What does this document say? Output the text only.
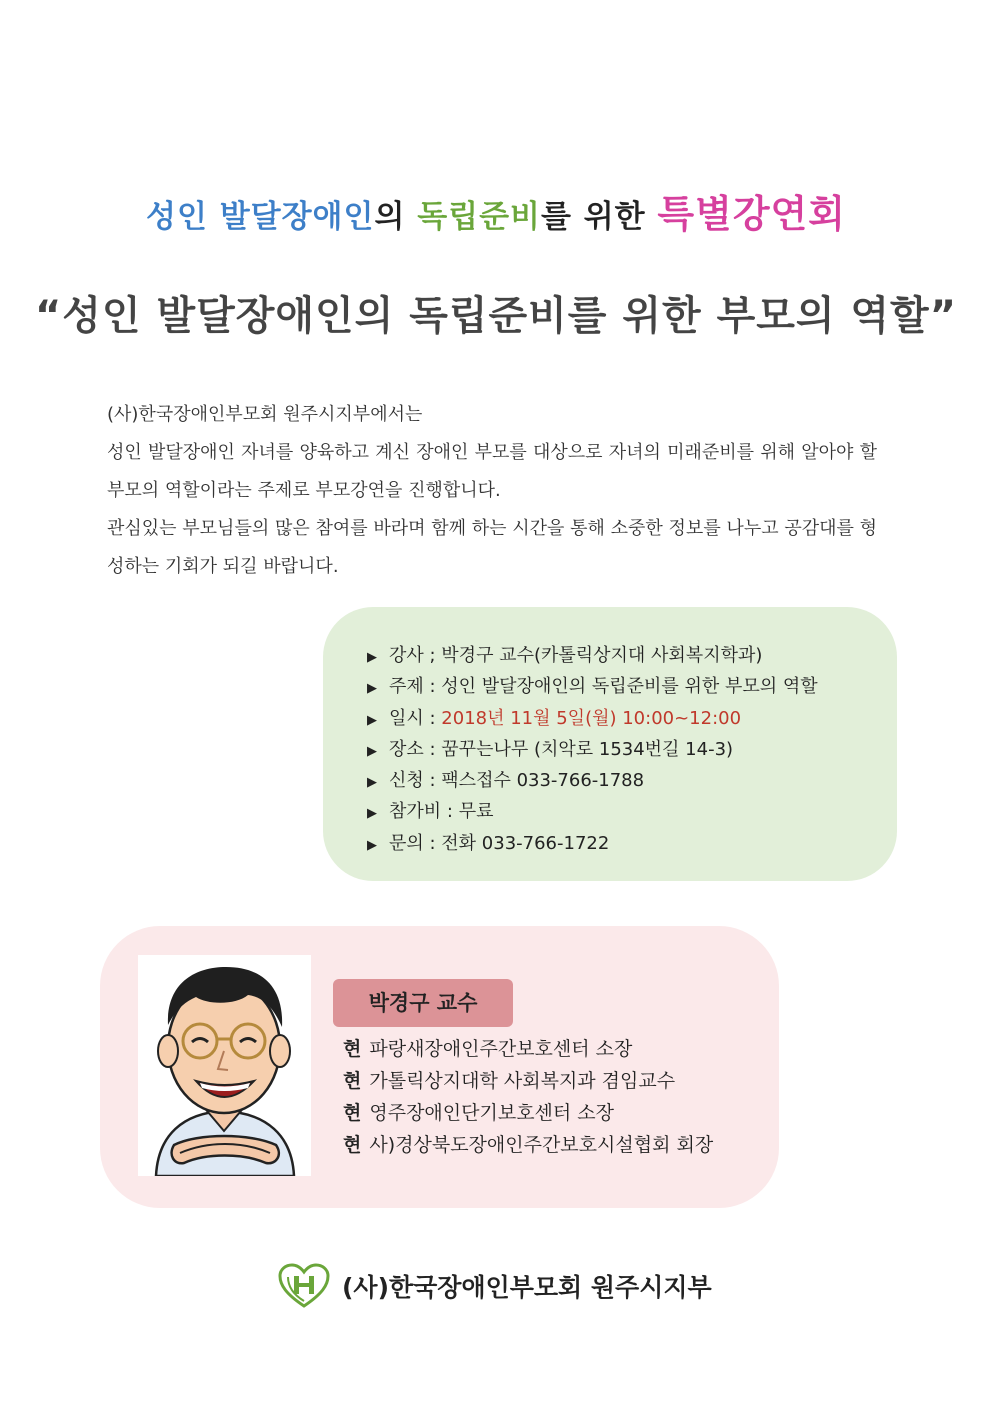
성인 발달장애인의 독립준비를 위한 특별강연회
“성인 발달장애인의 독립준비를 위한 부모의 역할”

(사)한국장애인부모회 원주시지부에서는

성인 발달장애인 자녀를 양육하고 계신 장애인 부모를 대상으로 자녀의 미래준비를 위해 알아야 할 부모의 역할이라는 주제로 부모강연을 진행합니다.

관심있는 부모님들의 많은 참여를 바라며 함께 하는 시간을 통해 소중한 정보를 나누고 공감대를 형성하는 기회가 되길 바랍니다.

▶ 강사 ; 박경구 교수(카톨릭상지대 사회복지학과)
▶ 주제 : 성인 발달장애인의 독립준비를 위한 부모의 역할
▶ 일시 : 2018년 11월 5일(월) 10:00~12:00
▶ 장소 : 꿈꾸는나무 (치악로 1534번길 14-3)
▶ 신청 : 팩스접수 033-766-1788
▶ 참가비 : 무료
▶ 문의 : 전화 033-766-1722
박경구 교수
현 파랑새장애인주간보호센터 소장
현 가톨릭상지대학 사회복지과 겸임교수
현 영주장애인단기보호센터 소장
현 사)경상북도장애인주간보호시설협회 회장
(사)한국장애인부모회 원주시지부
